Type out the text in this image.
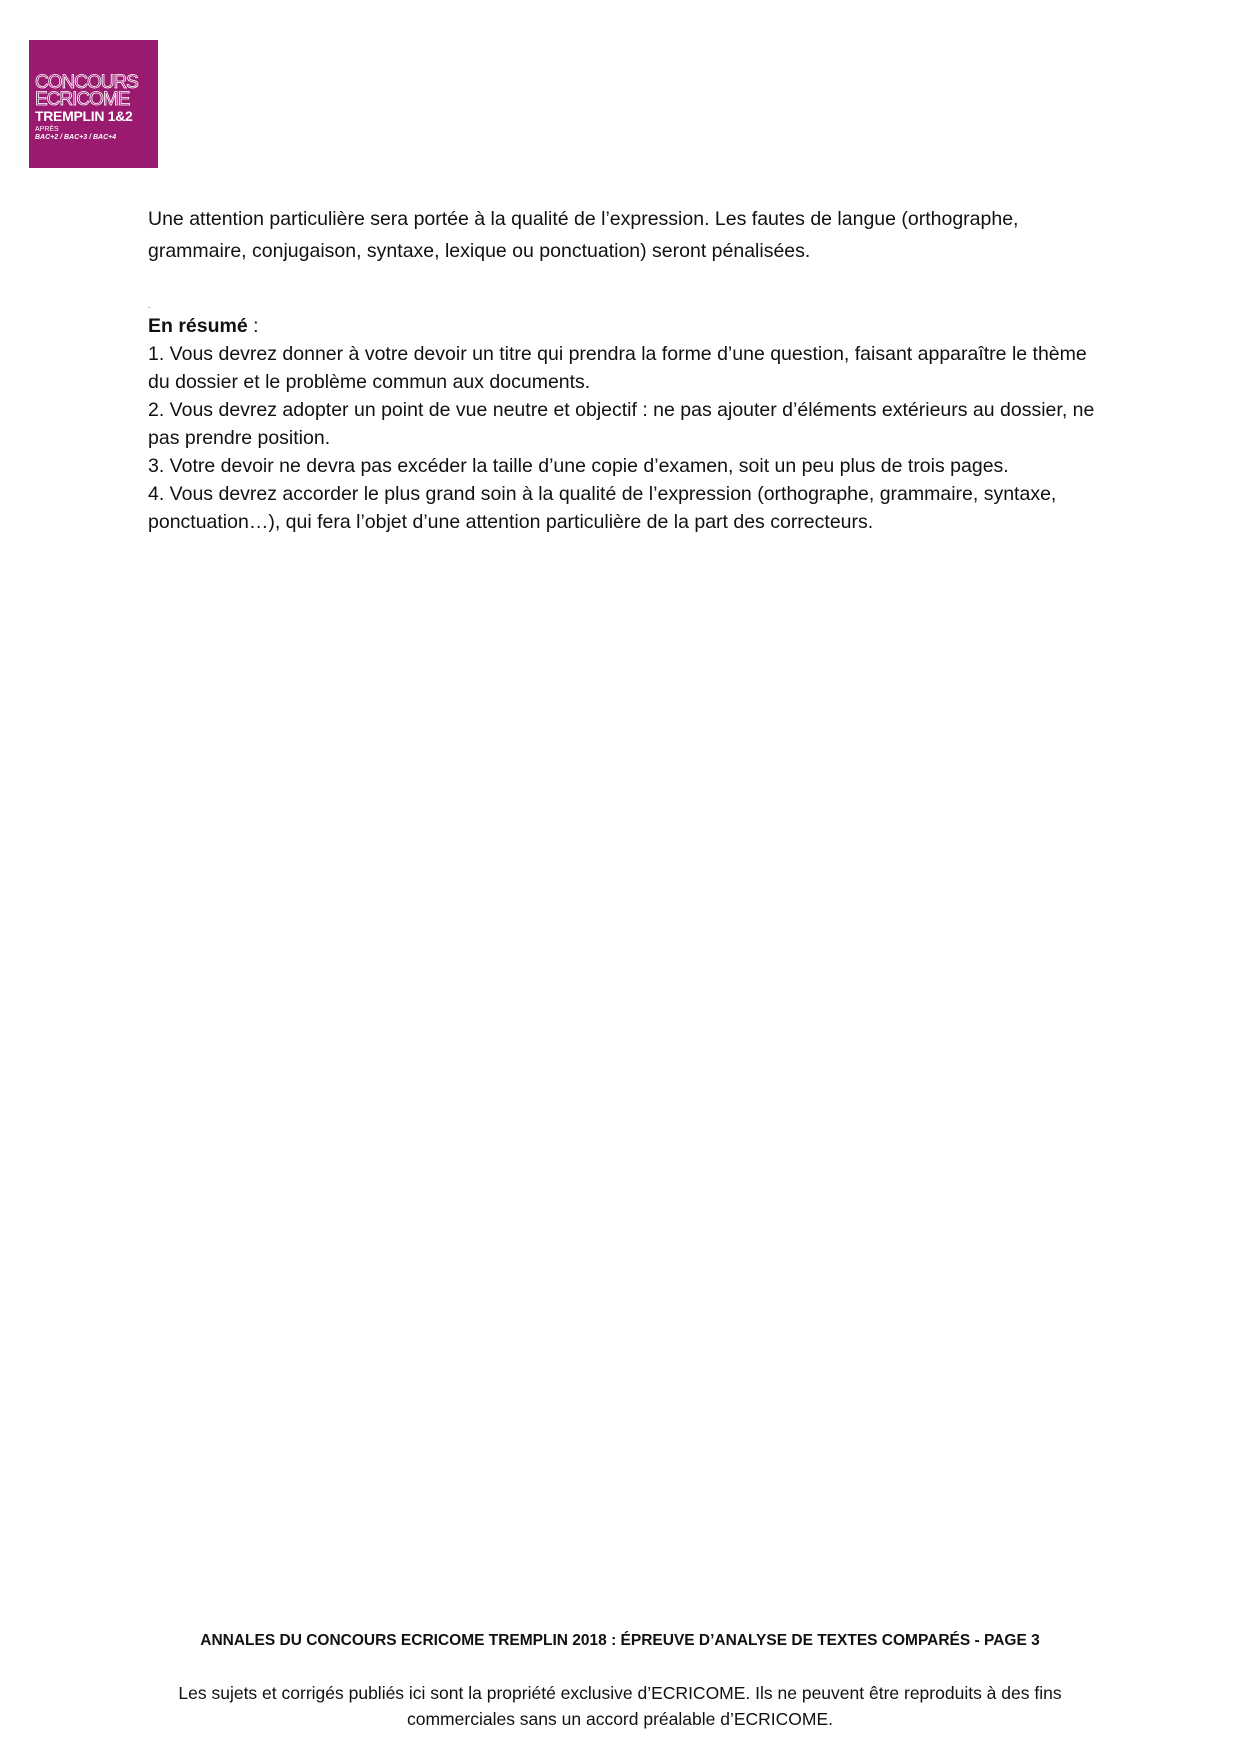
CONCOURS
ECRICOME
TREMPLIN 1&2
APRÈS
BAC+2 / BAC+3 / BAC+4

Une attention particulière sera portée à la qualité de l’expression. Les fautes de langue (orthographe, grammaire, conjugaison, syntaxe, lexique ou ponctuation) seront pénalisées.

.

En résumé :

1. Vous devrez donner à votre devoir un titre qui prendra la forme d’une question, faisant apparaître le thème du dossier et le problème commun aux documents.
2. Vous devrez adopter un point de vue neutre et objectif : ne pas ajouter d’éléments extérieurs au dossier, ne pas prendre position.
3. Votre devoir ne devra pas excéder la taille d’une copie d’examen, soit un peu plus de trois pages.
4. Vous devrez accorder le plus grand soin à la qualité de l’expression (orthographe, grammaire, syntaxe, ponctuation…), qui fera l’objet d’une attention particulière de la part des correcteurs.
ANNALES DU CONCOURS ECRICOME TREMPLIN 2018 : ÉPREUVE D’ANALYSE DE TEXTES COMPARÉS - PAGE 3
Les sujets et corrigés publiés ici sont la propriété exclusive d’ECRICOME. Ils ne peuvent être reproduits à des fins commerciales sans un accord préalable d’ECRICOME.
